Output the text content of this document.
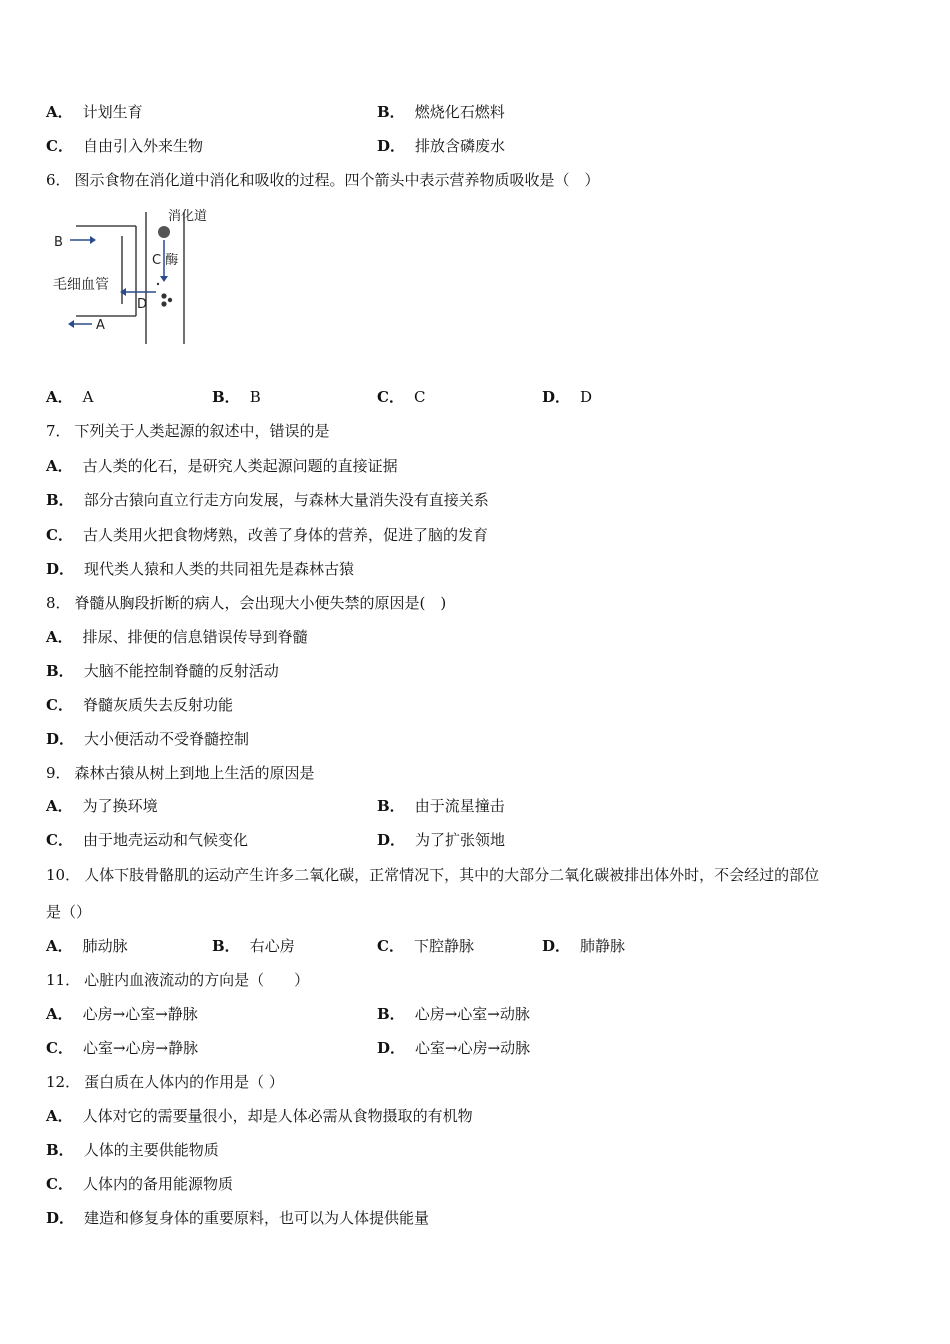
A． 计划生育	B． 燃烧化石燃料
C． 自由引入外来生物	D． 排放含磷废水
6． 图示食物在消化道中消化和吸收的过程。四个箭头中表示营养物质吸收是（　）
消化道
毛细血管
B
A
C 酶
D
A． A	B． B	C． C	D． D
7． 下列关于人类起源的叙述中，错误的是
A． 古人类的化石，是研究人类起源问题的直接证据
B． 部分古猿向直立行走方向发展，与森林大量消失没有直接关系
C． 古人类用火把食物烤熟，改善了身体的营养，促进了脑的发育
D． 现代类人猿和人类的共同祖先是森林古猿
8． 脊髓从胸段折断的病人，会出现大小便失禁的原因是(　)
A． 排尿、排便的信息错误传导到脊髓
B． 大脑不能控制脊髓的反射活动
C． 脊髓灰质失去反射功能
D． 大小便活动不受脊髓控制
9． 森林古猿从树上到地上生活的原因是
A． 为了换环境	B． 由于流星撞击
C． 由于地壳运动和气候变化	D． 为了扩张领地
10． 人体下肢骨骼肌的运动产生许多二氧化碳，正常情况下，其中的大部分二氧化碳被排出体外时，不会经过的部位
是（）
A． 肺动脉	B． 右心房	C． 下腔静脉	D． 肺静脉
11． 心脏内血液流动的方向是（　　）
A． 心房→心室→静脉	B． 心房→心室→动脉
C． 心室→心房→静脉	D． 心室→心房→动脉
12． 蛋白质在人体内的作用是（ ）
A． 人体对它的需要量很小，却是人体必需从食物摄取的有机物
B． 人体的主要供能物质
C． 人体内的备用能源物质
D． 建造和修复身体的重要原料，也可以为人体提供能量
